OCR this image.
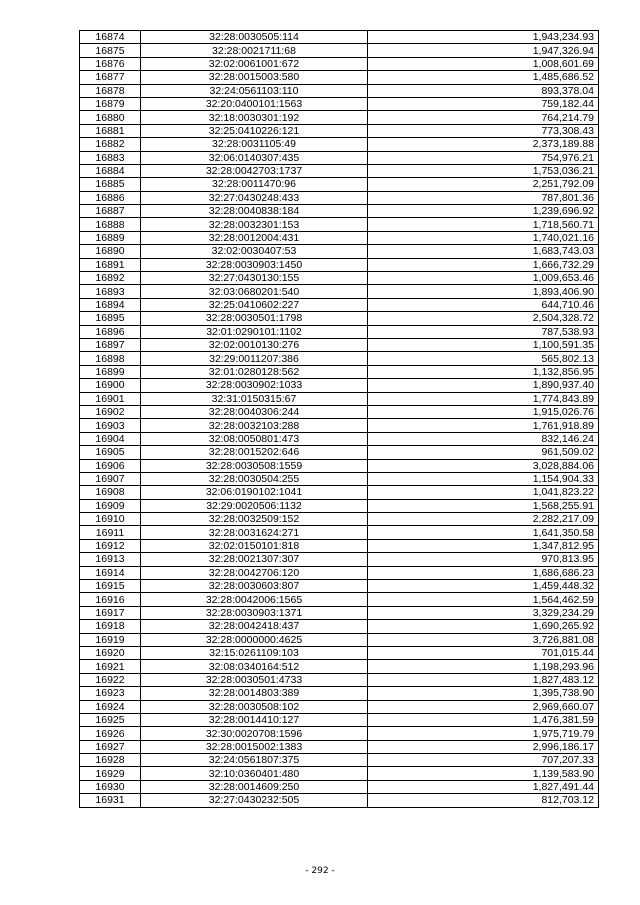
16874	32:28:0030505:114	1,943,234.93
16875	32:28:0021711:68	1,947,326.94
16876	32:02:0061001:672	1,008,601.69
16877	32:28:0015003:580	1,485,686.52
16878	32:24:0561103:110	893,378.04
16879	32:20:0400101:1563	759,182.44
16880	32:18:0030301:192	764,214.79
16881	32:25:0410226:121	773,308.43
16882	32:28:0031105:49	2,373,189.88
16883	32:06:0140307:435	754,976.21
16884	32:28:0042703:1737	1,753,036.21
16885	32:28:0011470:96	2,251,792.09
16886	32:27:0430248:433	787,801.36
16887	32:28:0040838:184	1,239,696.92
16888	32:28:0032301:153	1,718,560.71
16889	32:28:0012004:431	1,740,021.16
16890	32:02:0030407:53	1,683,743.03
16891	32:28:0030903:1450	1,666,732.29
16892	32:27:0430130:155	1,009,653.46
16893	32:03:0680201:540	1,893,406.90
16894	32:25:0410602:227	644,710.46
16895	32:28:0030501:1798	2,504,328.72
16896	32:01:0290101:1102	787,538.93
16897	32:02:0010130:276	1,100,591.35
16898	32:29:0011207:386	565,802.13
16899	32:01:0280128:562	1,132,856.95
16900	32:28:0030902:1033	1,890,937.40
16901	32:31:0150315:67	1,774,843.89
16902	32:28:0040306:244	1,915,026.76
16903	32:28:0032103:288	1,761,918.89
16904	32:08:0050801:473	832,146.24
16905	32:28:0015202:646	961,509.02
16906	32:28:0030508:1559	3,028,884.06
16907	32:28:0030504:255	1,154,904.33
16908	32:06:0190102:1041	1,041,823.22
16909	32:29:0020506:1132	1,568,255.91
16910	32:28:0032509:152	2,282,217.09
16911	32:28:0031624:271	1,641,350.58
16912	32:02:0150101:818	1,347,812.95
16913	32:28:0021307:307	970,813.95
16914	32:28:0042706:120	1,686,686.23
16915	32:28:0030603:807	1,459,448.32
16916	32:28:0042006:1565	1,564,462.59
16917	32:28:0030903:1371	3,329,234.29
16918	32:28:0042418:437	1,690,265.92
16919	32:28:0000000:4625	3,726,881.08
16920	32:15:0261109:103	701,015.44
16921	32:08:0340164:512	1,198,293.96
16922	32:28:0030501:4733	1,827,483.12
16923	32:28:0014803:389	1,395,738.90
16924	32:28:0030508:102	2,969,660.07
16925	32:28:0014410:127	1,476,381.59
16926	32:30:0020708:1596	1,975,719.79
16927	32:28:0015002:1383	2,996,186.17
16928	32:24:0561807:375	707,207.33
16929	32:10:0360401:480	1,139,583.90
16930	32:28:0014609:250	1,827,491.44
16931	32:27:0430232:505	812,703.12
- 292 -
